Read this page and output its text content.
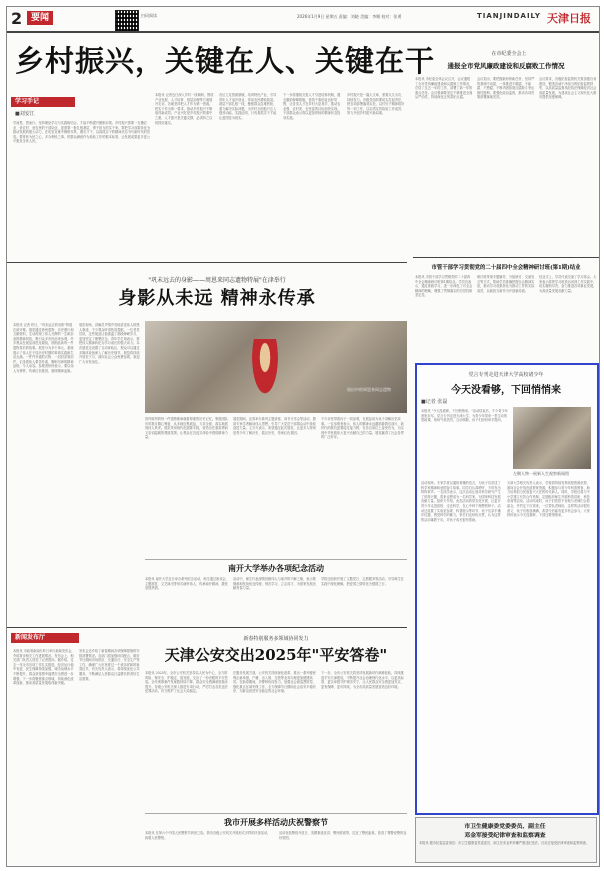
2 要闻	扫码阅读	2026年1月9日 星期五 责编：刘晓 美编：李娜 校对：张勇	TIANJINDAILY 天津日报
乡村振兴，关键在人、关键在干
本报讯 记者近日深入乡村一线调研，围绕产业发展、人才培育、基层治理等方面展开走访。各地坚持把人才作为第一资源，把实干作为第一要求，推动乡村振兴不断取得新成效。产业兴旺是乡村振兴的重中之重，人才振兴是关键支撑，必须持之以恒抓好落实。
各区立足资源禀赋，培育特色产业，引导青年人才返乡创业，带动农民增收致富。基层干部扎根一线，聚焦群众急难愁盼，着力解决实际问题，为乡村全面振兴注入强劲动能。实践证明，只有真抓实干才能让蓝图变为现实。
下一步将继续完善人才引进培养机制，健全激励保障措施，营造干事创业良好氛围，让各类人才在乡村大显身手，推动农业强、农村美、农民富的目标加快实现。干部群众表示将以更加昂扬的精神状态投身实践。
乡村振兴是一篇大文章，需要久久为功、持续发力。各级党组织要切实扛起责任，把各项部署落到实处，以钉钉子精神抓好每一项工作，以实绩实效检验工作成效，努力开创乡村振兴新局面。
在市纪委全会上
通报全市党风廉政建设和反腐败工作情况
本报讯 市纪委全体会议召开，会议通报了全市党风廉政建设和反腐败工作情况，总结了过去一年的工作，部署了新一年的重点任务。会议强调要坚定不移推进全面从严治党，持续深化正风肃纪反腐。
会议指出，要把握新形势新任务，坚持严的基调不动摇，一体推进不敢腐、不能腐、不想腐，不断巩固拓展反腐败斗争压倒性胜利。要强化政治监督，推动各项决策部署落地见效。
会议要求，各级纪检监察机关要加强自身建设，锻造忠诚干净担当的纪检监察铁军，以高质量监督执纪执法保障经济社会高质量发展，为建设社会主义现代化大都市提供坚强保障。
学习手记
■刘安江
学而思，思而行。坚持理论学习与实践相结合，才能不断提升履职本领。乡村振兴需要一支懂农业、爱农村、爱农民的干部队伍，更需要一批扎根基层、勇于担当的实干家。要把学习成果转化为推动发展的强大动力，在攻坚克难中锤炼作风、增长才干，以真抓实干的精神状态书写新时代的答卷。要常怀为民之心，多办利民之事，把群众满意作为检验工作的根本标准，让发展成果更多更公平惠及全体人民。
市管干部学习贯彻党的二十届四中全会精神研讨班(第1期)结业
本报讯 市管干部学习贯彻党的二十届四中全会精神研讨班第1期结业。学员们表示，通过系统学习，进一步深化了对全会精神的理解，增强了贯彻落实的自觉性和坚定性。
研讨班采取专题辅导、分组研讨、交流发言等方式，帮助学员准确把握全会精神实质，推动学习成果转化为推动工作的实际成效，以新担当新作为开创新局面。
结业式上，学员代表交流了学习体会。大家表示将把学习收获运用到工作实践中，切实履职尽责，奋力推进各项事业发展，为高质量发展贡献力量。
"巩未远去的身影——周恩来同志遗物特展"在津举行
身影从未远 精神永传承
本报讯 记者 昨日，"巩未远去的身影"特展在津开幕。展览通过珍贵遗物、历史照片和文献资料，生动再现了伟人光辉的一生和崇高的精神风范，吸引众多市民前来参观。许多观众在展品前驻足凝视，细细品读每一件遗物背后的故事。展览分为多个单元，系统展示了伟人在不同历史时期的革命实践和生活点滴。一件件朴素的衣物、一封封亲笔信件，记录着伟人艰苦朴素、鞠躬尽瘁的精神品格，令人动容。参观者纷纷表示，要以伟人为榜样，传承红色基因，赓续精神血脉。
展览现场，讲解员声情并茂地讲述伟人的感人事迹，不少观众听得热泪盈眶。一位老党员说，这些展品让他重温了那段峥嵘岁月，更加坚定了理想信念。青年学生则表示，要把伟人精神转化为学习成长的强大动力。本次展览还设置了互动体验区，观众可以通过多媒体设备深入了解历史细节。展览将持续开放至下月，面向社会公众免费参观，欢迎广大市民前往。
展出中的周恩来同志遗物
馆内陈列的每一件遗物都承载着厚重的历史记忆。策展团队历时数月精心筹备，从多地征集展品，力求全面、真实地展现伟人风采。展览采用现代化展陈手段，营造出庄重肃穆而又亲切温暖的观展氛围，让观众在沉浸式体验中感悟精神力量。
展览期间，还将举办系列主题讲座、读书分享会等活动，邀请专家学者解读伟人思想，引导广大党员干部群众从中汲取奋进力量。主办方表示，希望通过此次展览，让更多人特别是青少年了解历史、铭记历史，传承红色基因。
不少市民带着孩子一同参观，在展品前为孩子讲解历史故事。一位参观者表示，伟人的精神永远激励着我们前行，新时代的我们更要接过接力棒，在各自岗位上奋发有为，为实现中华民族伟大复兴贡献自己的力量。展览赢得了社会各界的广泛好评。
南开大学举办各项纪念活动
本报讯 南开大学近日举办系列纪念活动，师生通过座谈会、主题展览、文艺演出等形式缅怀伟人，传承南开精神，激发爱国热情。
活动中，师生代表深情回顾伟人与南开的不解之缘，表示要继承和发扬优良传统，刻苦学习，立志成才，为国家发展贡献青春力量。
学校还组织开展了主题党日、志愿服务等活动，引导师生在实践中深化理解，把爱国之情转化为强国之行。
党言专刊走进天津大学高校诸少年
今天没看够，下回悄悄来
■记者 张磊
本报讯 "今天没看够，下回悄悄来。"活动结束后，不少青少年意犹未尽。党言专刊走进天津大学，为青少年带来一堂生动的思政课，现场气氛热烈，互动频繁，孩子们纷纷举手提问。
左侧人物一展新人生视察新闻图
活动现场，专家学者以通俗易懂的语言，为孩子们讲述了科学家精神和爱国奋斗故事。同学们认真聆听，不时发出阵阵掌声。一名同学表示，这次活动让他对科学研究产生了浓厚兴趣，将来也想成为一名科学家，为国家科技发展贡献力量。组织方介绍，此类活动将常态化开展，让更多青少年走进高校、走近科学，在心中种下理想的种子。活动还设置了实验室参观、科普展示等环节，孩子们亲手操作仪器，感受科学的魅力。家长们也纷纷点赞，认为这样的活动寓教于乐，对孩子成长很有帮助。
天津大学相关负责人表示，学校将持续发挥高校资源优势，面向社会开放优质教育资源，积极参与青少年科普教育，助力培养担当民族复兴大任的时代新人。同时，学校还将与中小学建立长效合作机制，定期组织师生开展科普讲座、科技竞赛等活动。活动结束时，孩子们依依不舍地与老师们合影留念，并约定下次再来。一位带队老师说，这样的活动很有意义，孩子们收获满满，希望今后能有更多机会参与。大家纷纷表示今天没看够，下回还要悄悄来。
新闻发布厅
本报讯 市政府新闻办昨日举行新闻发布会，介绍我市相关工作进展情况。发布会上，相关部门负责人回答了记者提问。据介绍，过去一年全市各项工作扎实推进，经济运行稳中有进，民生保障持续加强，城市治理水平不断提升，群众获得感幸福感安全感进一步增强。下一步将聚焦重点领域，持续深化改革创新，推动高质量发展取得新突破。
发布会还介绍了新春期间各项保障措施的安排部署情况。各部门将加强协同配合，做好节日期间市场供应、交通出行、安全生产等工作，确保广大市民度过一个欢乐祥和的新春佳节。有关负责人表示，将持续优化公共服务，不断满足人民群众日益增长的美好生活需要。
新春特别服务多领域协同发力
天津公安交出2025年"平安答卷"
本报讯 2025年，全市公安机关坚持以人民为中心，全力防风险、保安全、护稳定、促发展，交出了一份亮眼的平安答卷。全年刑事案件发案数持续下降，群众安全感满意度稳步提升。各级公安机关深入推进专项行动，严厉打击各类违法犯罪活动，有力维护了社会大局稳定。
在服务发展方面，公安机关持续深化改革，推出一系列便民利企新举措，户籍、出入境、交管等业务办理更加便捷高效。在新春期间，多警种协同发力，加强社会面巡逻防控，强化重点区域安保工作，全力保障节日期间社会治安平稳有序，为群众营造安全稳定的社会环境。
下一步，全市公安机关将坚持发展新时代枫桥经验，持续推进平安天津建设，不断提升社会治理现代化水平，以更高标准、更实举措守护城市安宁，让人民群众安全感更加充实、更有保障、更可持续，为全市高质量发展营造良好环境。
我市开展多样活动庆祝警察节
本报讯 在第六个中国人民警察节到来之际，我市各级公安机关开展形式多样的庆祝活动，致敬人民警察。
活动包括警营开放日、英模事迹宣讲、警民联欢等，拉近了警民距离，营造了尊警爱警的良好氛围。
市卫生健康委党委委员、副主任
邓金军接受纪律审查和监察调查
本报讯 据市纪委监委消息：市卫生健康委党委委员、副主任邓金军涉嫌严重违纪违法，目前正接受纪律审查和监察调查。
